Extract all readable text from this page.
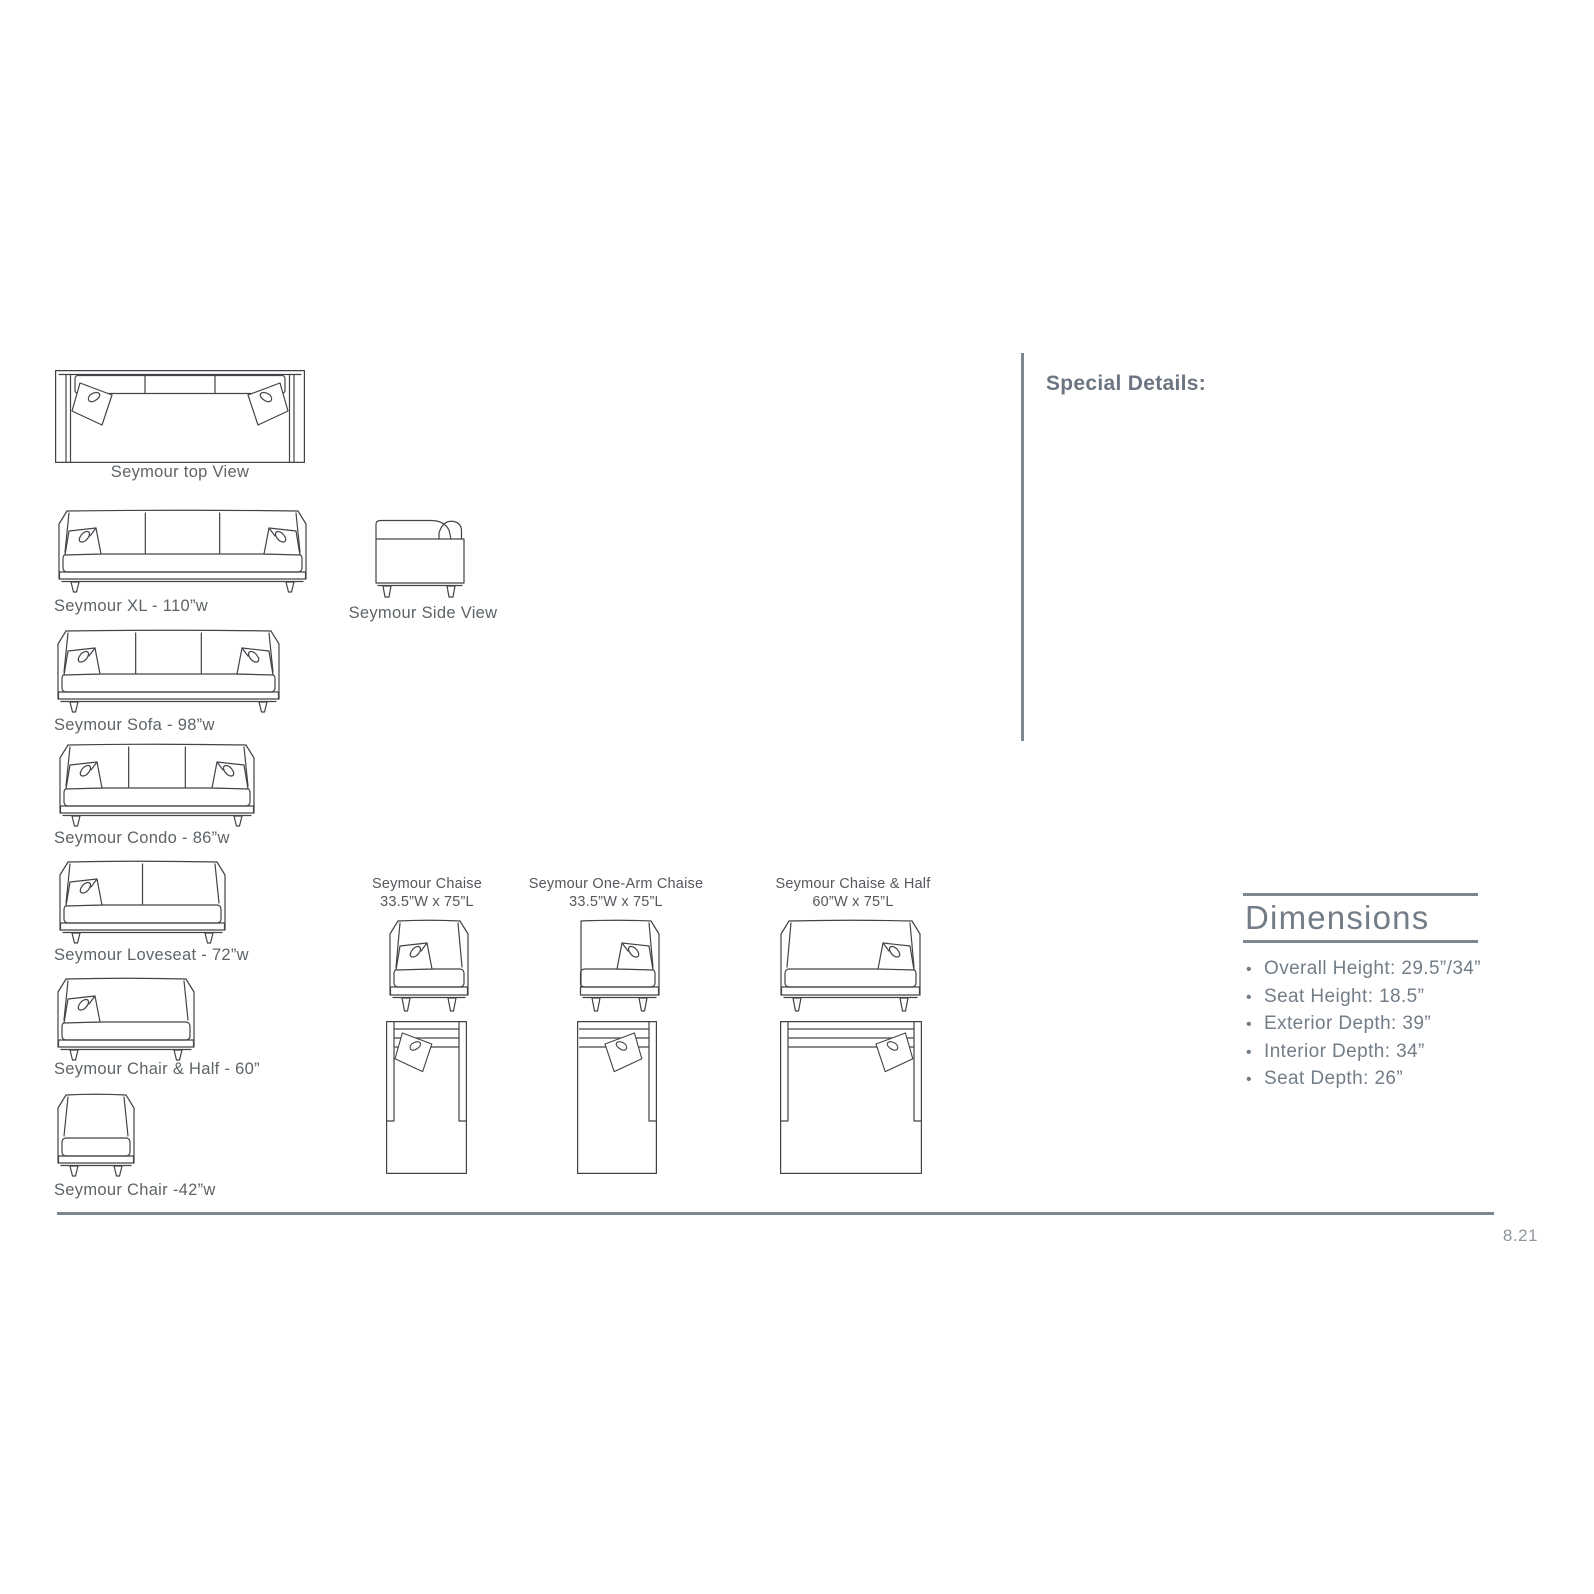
Seymour top View
Seymour XL - 110”w	Seymour Side View
Seymour Sofa - 98”w
Seymour Condo - 86”w
Seymour Loveseat - 72”w
Seymour Chair & Half - 60”
Seymour Chair -42”w
Seymour Chaise
33.5”W x 75”L
Seymour One-Arm Chaise
33.5”W x 75”L
Seymour Chaise & Half
60”W x 75”L
Special Details:
Dimensions
• Overall Height: 29.5”/34”
• Seat Height: 18.5”
• Exterior Depth: 39”
• Interior Depth: 34”
• Seat Depth: 26”
8.21
